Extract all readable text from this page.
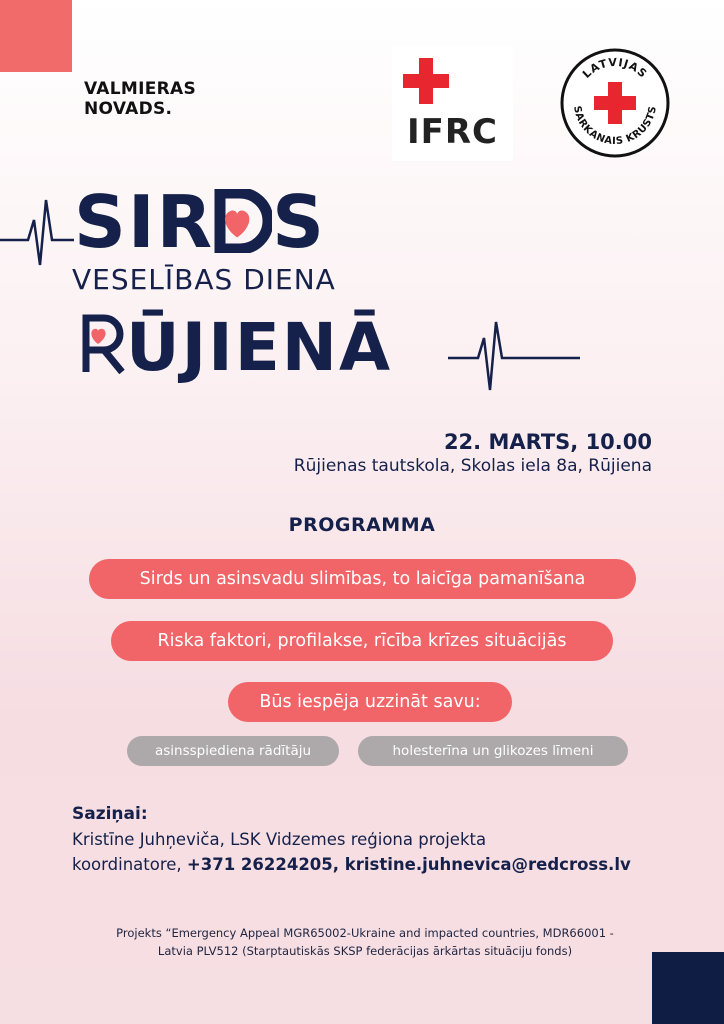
VALMIERAS
NOVADS.
IFRC
LATVIJAS
SARKANAIS KRUSTS
SIR S
VESELĪBAS DIENA
ŪJIENĀ
22. MARTS, 10.00
Rūjienas tautskola, Skolas iela 8a, Rūjiena
PROGRAMMA
Sirds un asinsvadu slimības, to laicīga pamanīšana
Riska faktori, profilakse, rīcība krīzes situācijās
Būs iespēja uzzināt savu:
asinsspiediena rādītāju	holesterīna un glikozes līmeni
Saziņai:
Kristīne Juhņeviča, LSK Vidzemes reģiona projekta
koordinatore, +371 26224205, kristine.juhnevica@redcross.lv
Projekts “Emergency Appeal MGR65002-Ukraine and impacted countries, MDR66001 -
Latvia PLV512 (Starptautiskās SKSP federācijas ārkārtas situāciju fonds)
